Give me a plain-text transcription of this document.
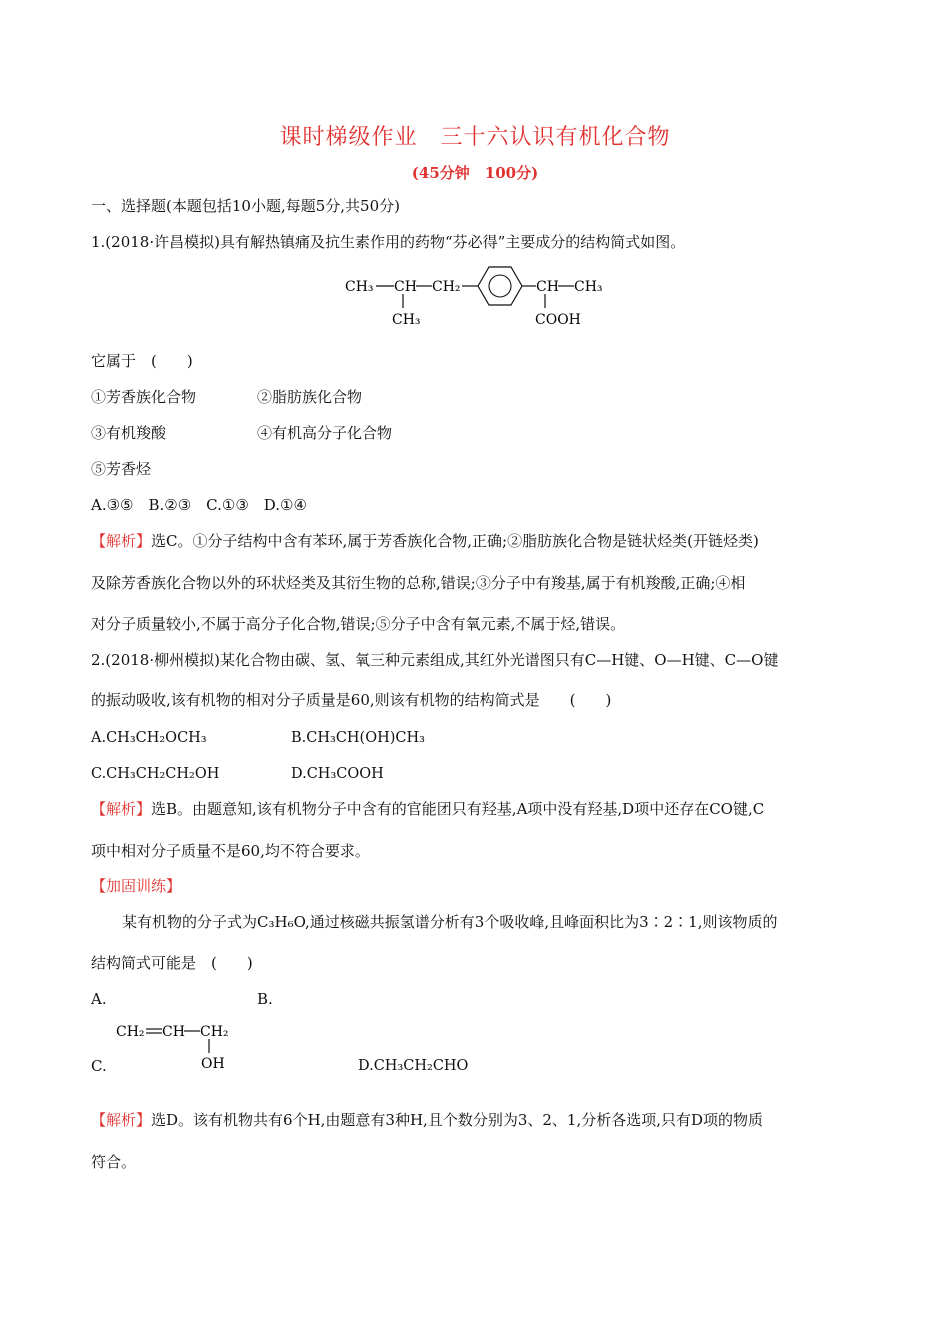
课时梯级作业　三十六认识有机化合物
(45分钟　100分)
一、选择题(本题包括10小题,每题5分,共50分)
1.(2018·许昌模拟)具有解热镇痛及抗生素作用的药物“芬必得”主要成分的结构简式如图。
CH₃ CH CH₂
CH₃
CH CH₃
COOH
它属于　(　　)
①芳香族化合物	②脂肪族化合物
③有机羧酸	④有机高分子化合物
⑤芳香烃
A.③⑤　B.②③　C.①③　D.①④
【解析】选C。①分子结构中含有苯环,属于芳香族化合物,正确;②脂肪族化合物是链状烃类(开链烃类)
及除芳香族化合物以外的环状烃类及其衍生物的总称,错误;③分子中有羧基,属于有机羧酸,正确;④相
对分子质量较小,不属于高分子化合物,错误;⑤分子中含有氧元素,不属于烃,错误。
2.(2018·柳州模拟)某化合物由碳、氢、氧三种元素组成,其红外光谱图只有C—H键、O—H键、C—O键
的振动吸收,该有机物的相对分子质量是60,则该有机物的结构简式是　　(　　)
A.CH₃CH₂OCH₃	B.CH₃CH(OH)CH₃
C.CH₃CH₂CH₂OH	D.CH₃COOH
【解析】选B。由题意知,该有机物分子中含有的官能团只有羟基,A项中没有羟基,D项中还存在CO键,C
项中相对分子质量不是60,均不符合要求。
【加固训练】
某有机物的分子式为C₃H₆O,通过核磁共振氢谱分析有3个吸收峰,且峰面积比为3∶2∶1,则该物质的
结构简式可能是　(　　)
A.	B.
CH₂ CH CH₂
OH
C.	D.CH₃CH₂CHO
【解析】选D。该有机物共有6个H,由题意有3种H,且个数分别为3、2、1,分析各选项,只有D项的物质
符合。
